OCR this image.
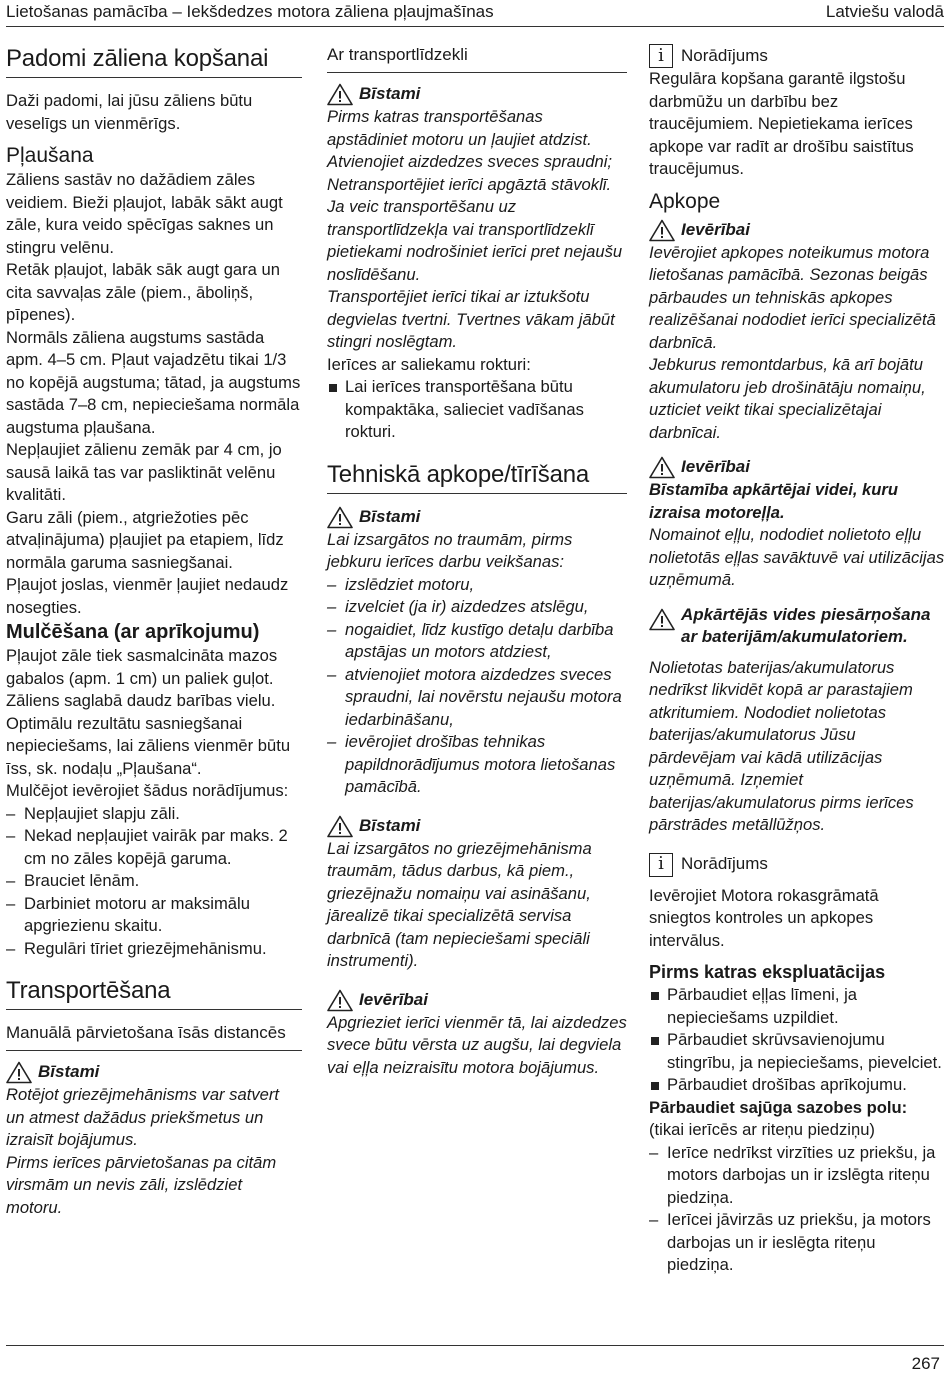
Lietošanas pamācība – Iekšdedzes motora zāliena pļaujmašīnas	Latviešu valodā
Padomi zāliena kopšanai

Daži padomi, lai jūsu zāliens būtu veselīgs un vienmērīgs.

Pļaušana

Zāliens sastāv no dažādiem zāles veidiem. Bieži pļaujot, labāk sākt augt zāle, kura veido spēcīgas saknes un stingru velēnu.

Retāk pļaujot, labāk sāk augt gara un cita savvaļas zāle (piem., āboliņš, pīpenes).

Normāls zāliena augstums sastāda apm. 4–5 cm. Pļaut vajadzētu tikai 1/3 no kopējā augstuma; tātad, ja augstums sastāda 7–8 cm, nepieciešama normāla augstuma pļaušana.

Nepļaujiet zālienu zemāk par 4 cm, jo sausā laikā tas var pasliktināt velēnu kvalitāti.

Garu zāli (piem., atgriežoties pēc atvaļinājuma) pļaujiet pa etapiem, līdz normāla garuma sasniegšanai.

Pļaujot joslas, vienmēr ļaujiet nedaudz nosegties.

Mulčēšana (ar aprīkojumu)

Pļaujot zāle tiek sasmalcināta mazos gabalos (apm. 1 cm) un paliek guļot. Zāliens saglabā daudz barības vielu.

Optimālu rezultātu sasniegšanai nepieciešams, lai zāliens vienmēr būtu īss, sk. nodaļu „Pļaušana“.

Mulčējot ievērojiet šādus norādījumus:

– Nepļaujiet slapju zāli.
– Nekad nepļaujiet vairāk par maks. 2 cm no zāles kopējā garuma.
– Brauciet lēnām.
– Darbiniet motoru ar maksimālu apgriezienu skaitu.
– Regulāri tīriet griezējmehānismu.
Transportēšana
Manuālā pārvietošana īsās distancēs
Bīstami

Rotējot griezējmehānisms var satvert un atmest dažādus priekšmetus un izraisīt bojājumus.

Pirms ierīces pārvietošanas pa citām virsmām un nevis zāli, izslēdziet motoru.

Ar transportlīdzekli
Bīstami

Pirms katras transportēšanas apstādiniet motoru un ļaujiet atdzist. Atvienojiet aizdedzes sveces spraudni;

Netransportējiet ierīci apgāztā stāvoklī.

Ja veic transportēšanu uz transportlīdzekļa vai transportlīdzeklī pietiekami nodrošiniet ierīci pret nejaušu noslīdēšanu.

Transportējiet ierīci tikai ar iztukšotu degvielas tvertni. Tvertnes vākam jābūt stingri noslēgtam.

Ierīces ar saliekamu rokturi:

Lai ierīces transportēšana būtu kompaktāka, salieciet vadīšanas rokturi.
Tehniskā apkope/tīrīšana
Bīstami

Lai izsargātos no traumām, pirms jebkuru ierīces darbu veikšanas:

– izslēdziet motoru,
– izvelciet (ja ir) aizdedzes atslēgu,
– nogaidiet, līdz kustīgo detaļu darbība apstājas un motors atdziest,
– atvienojiet motora aizdedzes sveces spraudni, lai novērstu nejaušu motora iedarbināšanu,
– ievērojiet drošības tehnikas papildnorādījumus motora lietošanas pamācībā.
Bīstami

Lai izsargātos no griezējmehānisma traumām, tādus darbus, kā piem., griezējnažu nomaiņu vai asināšanu, jārealizē tikai specializētā servisa darbnīcā (tam nepieciešami speciāli instrumenti).

Ievērībai

Apgrieziet ierīci vienmēr tā, lai aizdedzes svece būtu vērsta uz augšu, lai degviela vai eļļa neizraisītu motora bojājumus.

i	Norādījums

Regulāra kopšana garantē ilgstošu darbmūžu un darbību bez traucējumiem. Nepietiekama ierīces apkope var radīt ar drošību saistītus traucējumus.

Apkope
Ievērībai

Ievērojiet apkopes noteikumus motora lietošanas pamācībā. Sezonas beigās pārbaudes un tehniskās apkopes realizēšanai nododiet ierīci specializētā darbnīcā.

Jebkurus remontdarbus, kā arī bojātu akumulatoru jeb drošinātāju nomaiņu, uzticiet veikt tikai specializētajai darbnīcai.

Ievērībai

Bīstamība apkārtējai videi, kuru izraisa motoreļļa.

Nomainot eļļu, nododiet nolietoto eļļu nolietotās eļļas savāktuvē vai utilizācijas uzņēmumā.

Apkārtējās vides piesārņošana ar baterijām/akumulatoriem.

Nolietotas baterijas/akumulatorus nedrīkst likvidēt kopā ar parastajiem atkritumiem. Nododiet nolietotas baterijas/akumulatorus Jūsu pārdevējam vai kādā utilizācijas uzņēmumā. Izņemiet baterijas/akumulatorus pirms ierīces pārstrādes metāllūžņos.

i	Norādījums

Ievērojiet Motora rokasgrāmatā sniegtos kontroles un apkopes intervālus.

Pirms katras ekspluatācijas
Pārbaudiet eļļas līmeni, ja nepieciešams uzpildiet.
Pārbaudiet skrūvsavienojumu stingrību, ja nepieciešams, pievelciet.
Pārbaudiet drošības aprīkojumu.

Pārbaudiet sajūga sazobes polu:

(tikai ierīcēs ar riteņu piedziņu)

– Ierīce nedrīkst virzīties uz priekšu, ja motors darbojas un ir izslēgta riteņu piedziņa.
– Ierīcei jāvirzās uz priekšu, ja motors darbojas un ir ieslēgta riteņu piedziņa.
267
